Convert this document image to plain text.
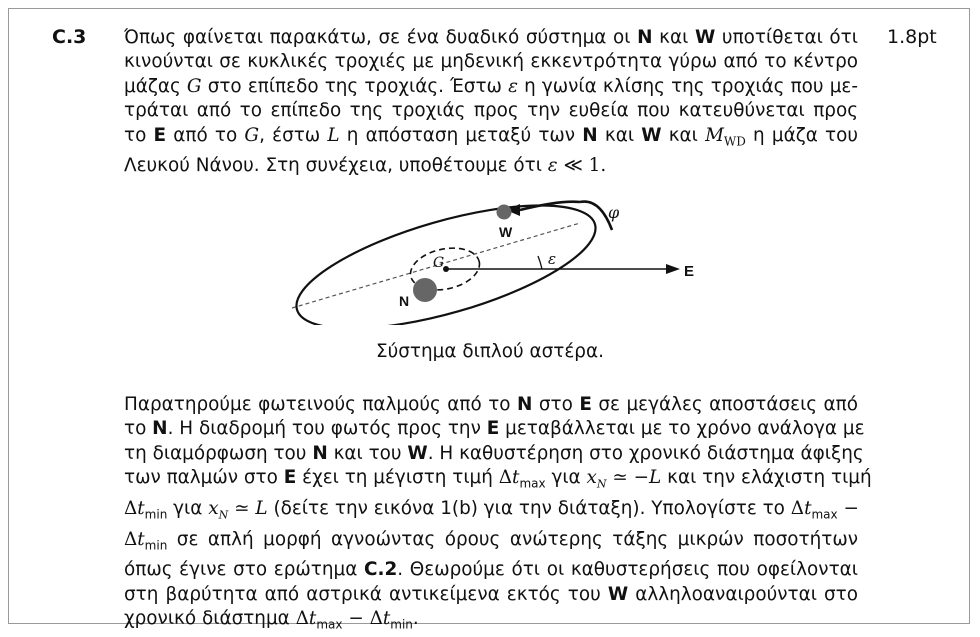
C.3	1.8pt

Όπως φαίνεται παρακάτω, σε ένα δυαδικό σύστημα οι N και W υποτίθεται ότι
κινούνται σε κυκλικές τροχιές με μηδενική εκκεντρότητα γύρω από το κέντρο
μάζας G στο επίπεδο της τροχιάς. Έστω ε η γωνία κλίσης της τροχιάς που με-
τράται από το επίπεδο της τροχιάς προς την ευθεία που κατευθύνεται προς
το E από το G, έστω L η απόσταση μεταξύ των N και W και $M_{WD}$ η μάζα του
Λευκού Νάνου. Στη συνέχεια, υποθέτουμε ότι ε ≪ 1.

W
N
G	E
ε
φ
Σύστημα διπλού αστέρα.

Παρατηρούμε φωτεινούς παλμούς από το N στο E σε μεγάλες αποστάσεις από
το N. Η διαδρομή του φωτός προς την E μεταβάλλεται με το χρόνο ανάλογα με
τη διαμόρφωση του N και του W. Η καθυστέρηση στο χρονικό διάστημα άφιξης
των παλμών στο E έχει τη μέγιστη τιμή $\Delta t_{max}$ για $x_N$ ≃ −L και την ελάχιστη τιμή
$\Delta t_{min}$ για $x_N$ ≃ L (δείτε την εικόνα 1(b) για την διάταξη). Υπολογίστε το $\Delta t_{max}$ −
$\Delta t_{min}$ σε απλή μορφή αγνοώντας όρους ανώτερης τάξης μικρών ποσοτήτων
όπως έγινε στο ερώτημα C.2. Θεωρούμε ότι οι καθυστερήσεις που οφείλονται
στη βαρύτητα από αστρικά αντικείμενα εκτός του W αλληλοαναιρούνται στο
χρονικό διάστημα $\Delta t_{max} - \Delta t_{min}$.
